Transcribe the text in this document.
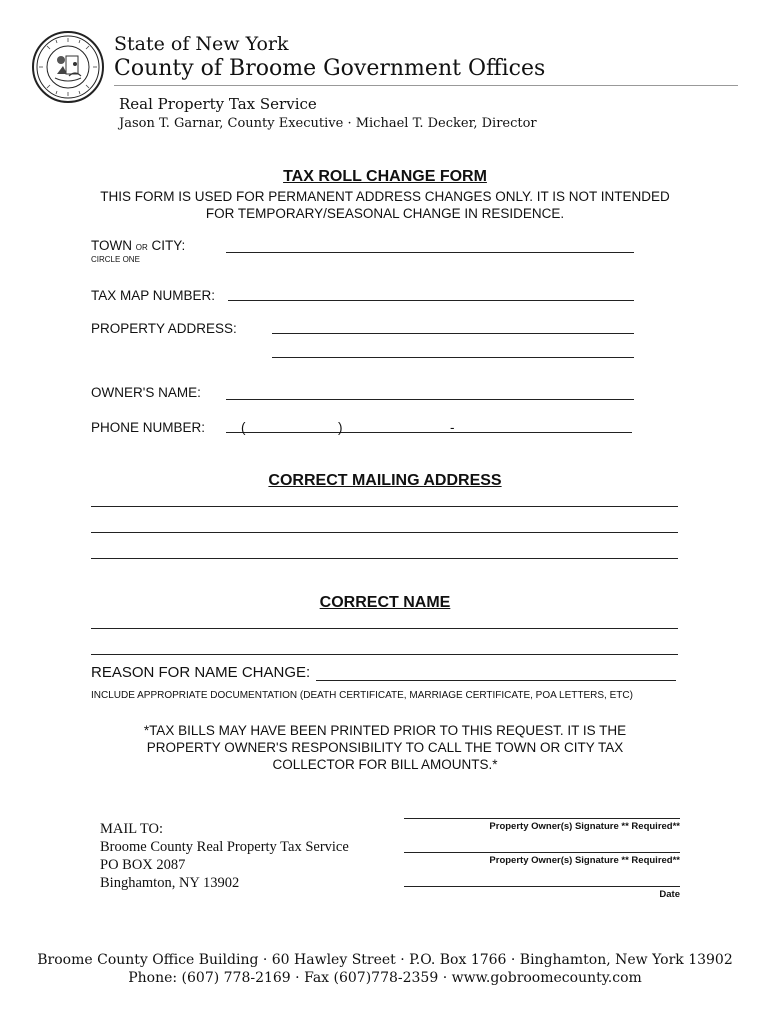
State of New York
County of Broome Government Offices
Real Property Tax Service
Jason T. Garnar, County Executive · Michael T. Decker, Director
TAX ROLL CHANGE FORM
THIS FORM IS USED FOR PERMANENT ADDRESS CHANGES ONLY. IT IS NOT INTENDED
FOR TEMPORARY/SEASONAL CHANGE IN RESIDENCE.
TOWN OR CITY:
CIRCLE ONE
TAX MAP NUMBER:
PROPERTY ADDRESS:
OWNER'S NAME:
PHONE NUMBER:	(	)	-
CORRECT MAILING ADDRESS
CORRECT NAME
REASON FOR NAME CHANGE:
INCLUDE APPROPRIATE DOCUMENTATION (DEATH CERTIFICATE, MARRIAGE CERTIFICATE, POA LETTERS, ETC)
*TAX BILLS MAY HAVE BEEN PRINTED PRIOR TO THIS REQUEST. IT IS THE
PROPERTY OWNER'S RESPONSIBILITY TO CALL THE TOWN OR CITY TAX
COLLECTOR FOR BILL AMOUNTS.*
MAIL TO:
Broome County Real Property Tax Service
PO BOX 2087
Binghamton, NY 13902
Property Owner(s) Signature ** Required**
Property Owner(s) Signature ** Required**
Date
Broome County Office Building · 60 Hawley Street · P.O. Box 1766 · Binghamton, New York 13902
Phone: (607) 778-2169 · Fax (607)778-2359 · www.gobroomecounty.com
